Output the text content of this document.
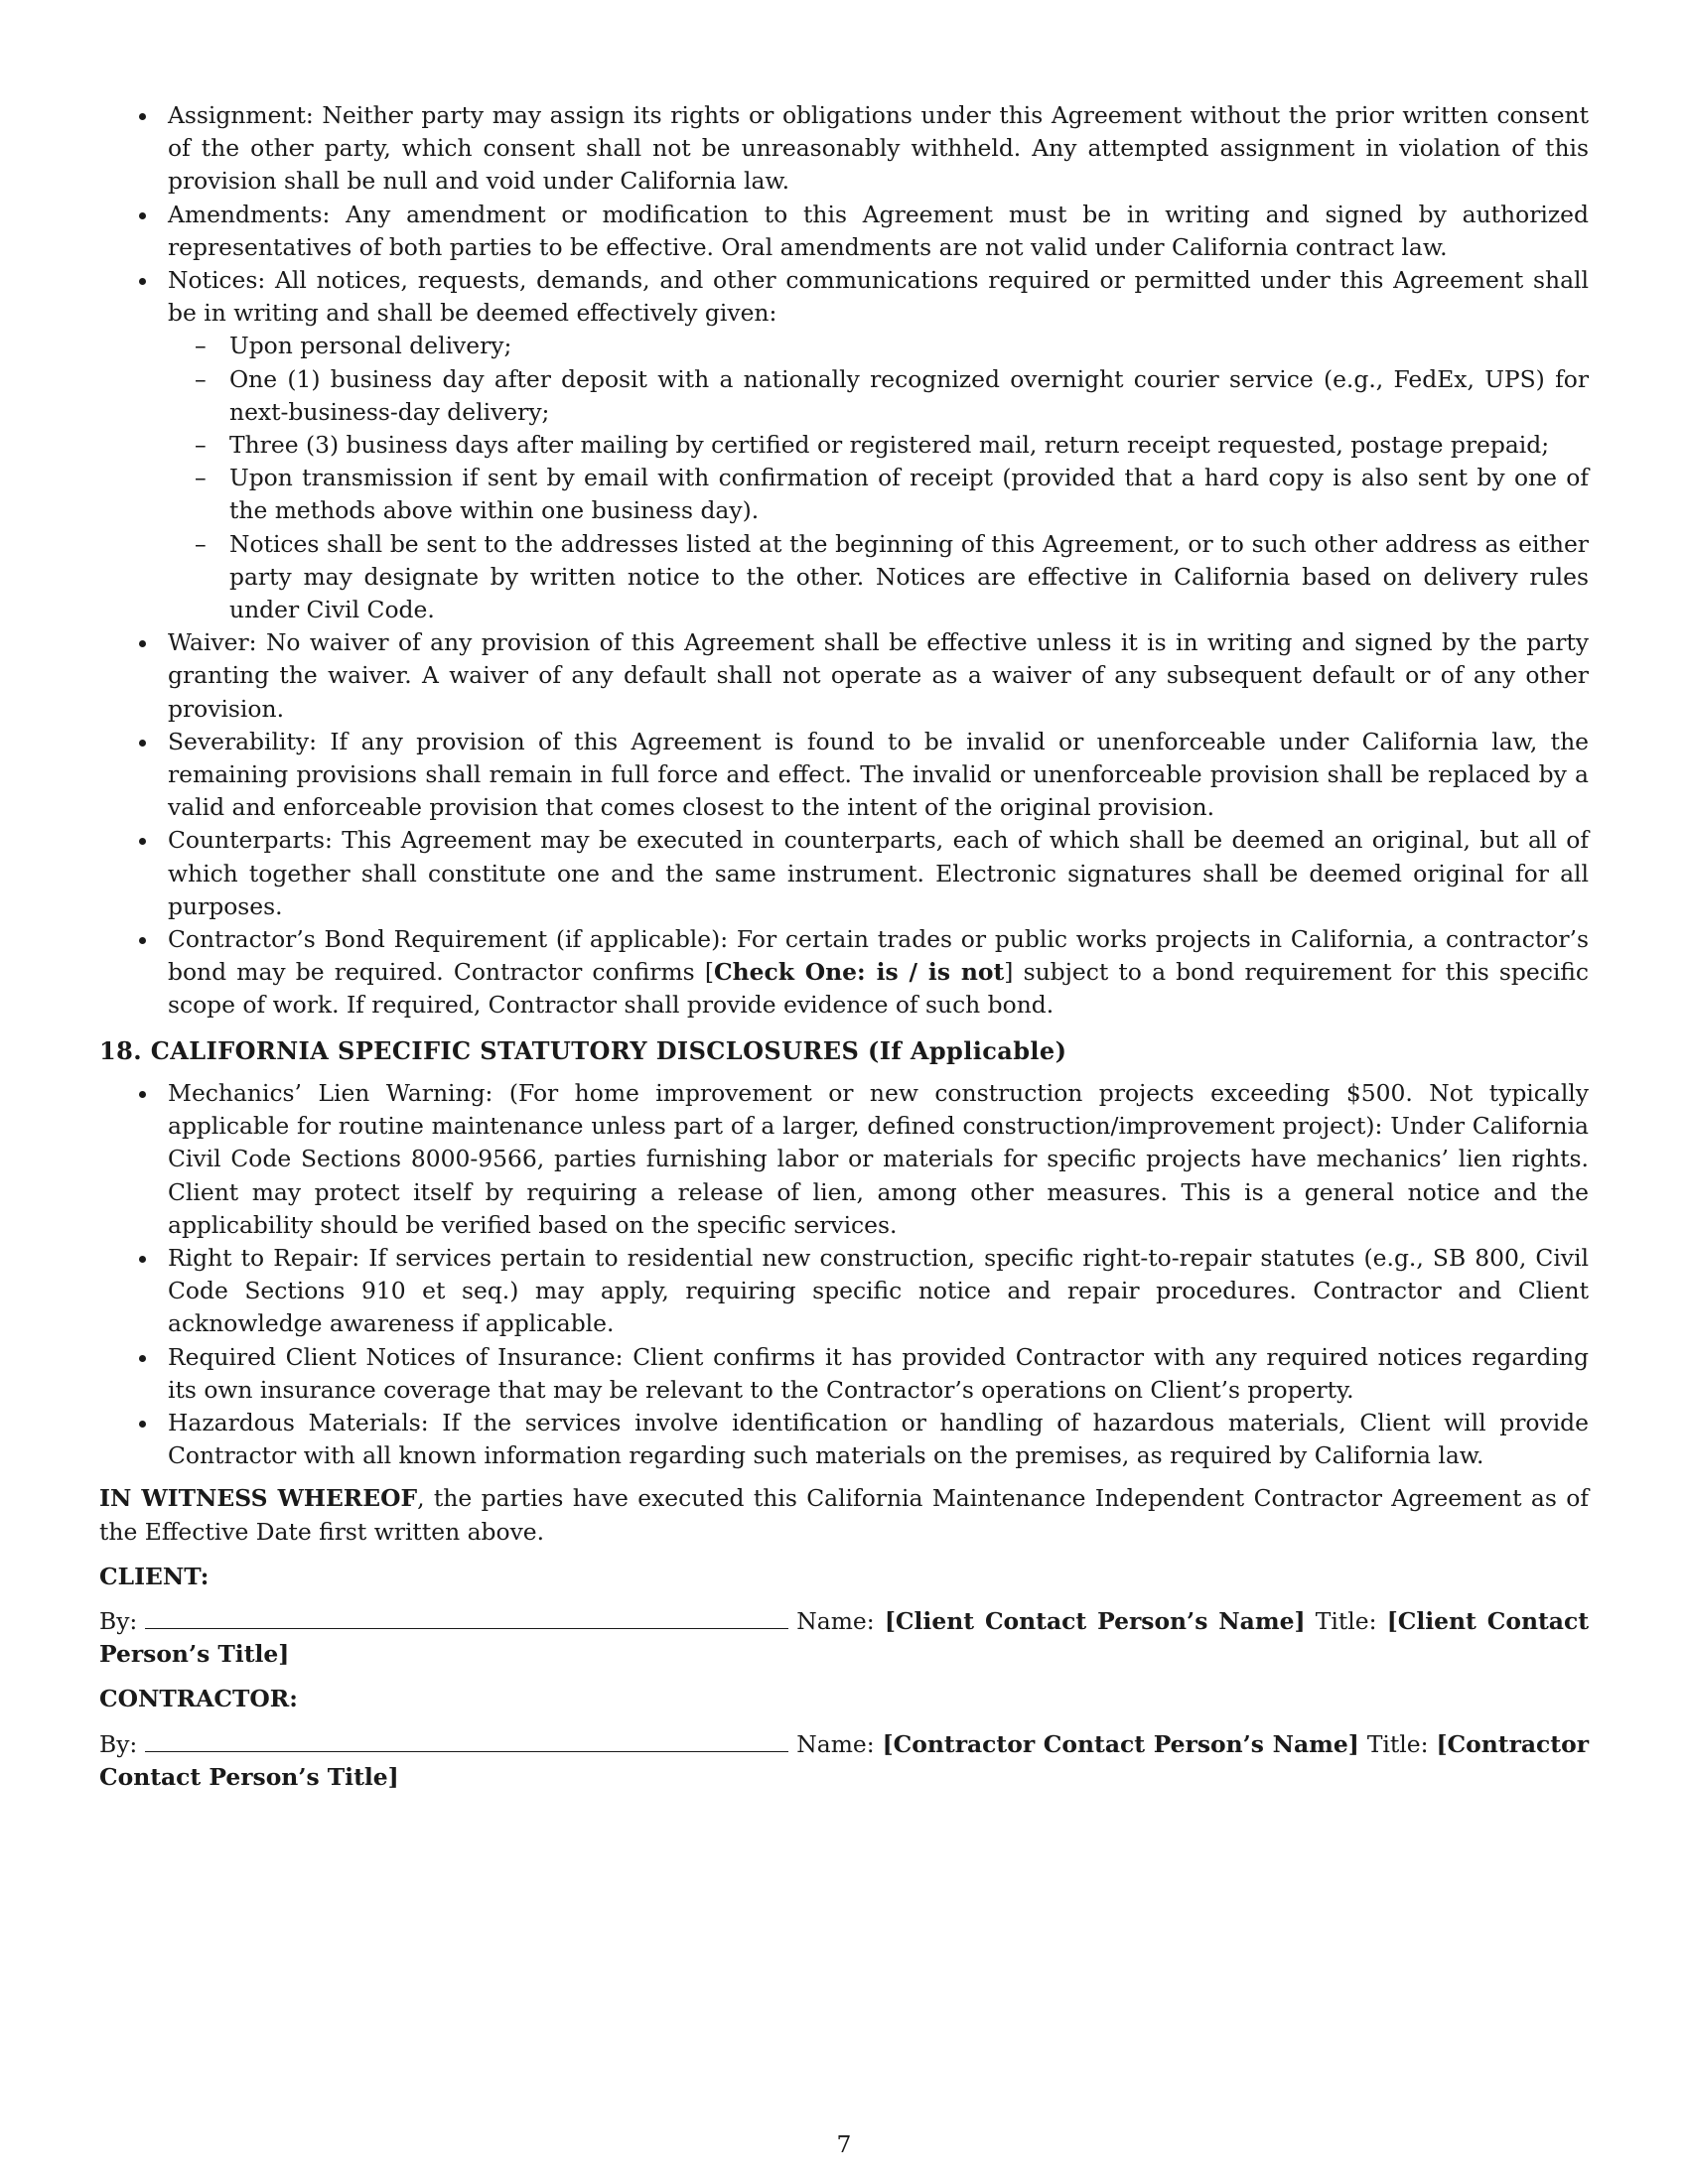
Assignment: Neither party may assign its rights or obligations under this Agreement without the prior written consent of the other party, which consent shall not be unreasonably withheld. Any attempted assignment in violation of this provision shall be null and void under California law.
Amendments: Any amendment or modification to this Agreement must be in writing and signed by authorized representatives of both parties to be effective. Oral amendments are not valid under California contract law.
Notices: All notices, requests, demands, and other communications required or permitted under this Agreement shall be in writing and shall be deemed effectively given:
– Upon personal delivery;
– One (1) business day after deposit with a nationally recognized overnight courier service (e.g., FedEx, UPS) for next-business-day delivery;
– Three (3) business days after mailing by certified or registered mail, return receipt requested, postage prepaid;
– Upon transmission if sent by email with confirmation of receipt (provided that a hard copy is also sent by one of the methods above within one business day).
– Notices shall be sent to the addresses listed at the beginning of this Agreement, or to such other address as either party may designate by written notice to the other. Notices are effective in California based on delivery rules under Civil Code.
Waiver: No waiver of any provision of this Agreement shall be effective unless it is in writing and signed by the party granting the waiver. A waiver of any default shall not operate as a waiver of any subsequent default or of any other provision.
Severability: If any provision of this Agreement is found to be invalid or unenforceable under California law, the remaining provisions shall remain in full force and effect. The invalid or unenforceable provision shall be replaced by a valid and enforceable provision that comes closest to the intent of the original provision.
Counterparts: This Agreement may be executed in counterparts, each of which shall be deemed an original, but all of which together shall constitute one and the same instrument. Electronic signatures shall be deemed original for all purposes.
Contractor’s Bond Requirement (if applicable): For certain trades or public works projects in California, a contractor’s bond may be required. Contractor confirms [Check One: is / is not] subject to a bond requirement for this specific scope of work. If required, Contractor shall provide evidence of such bond.
18. CALIFORNIA SPECIFIC STATUTORY DISCLOSURES (If Applicable)
Mechanics’ Lien Warning: (For home improvement or new construction projects exceeding $500. Not typically applicable for routine maintenance unless part of a larger, defined construction/improvement project): Under California Civil Code Sections 8000-9566, parties furnishing labor or materials for specific projects have mechanics’ lien rights. Client may protect itself by requiring a release of lien, among other measures. This is a general notice and the applicability should be verified based on the specific services.
Right to Repair: If services pertain to residential new construction, specific right-to-repair statutes (e.g., SB 800, Civil Code Sections 910 et seq.) may apply, requiring specific notice and repair procedures. Contractor and Client acknowledge awareness if applicable.
Required Client Notices of Insurance: Client confirms it has provided Contractor with any required notices regarding its own insurance coverage that may be relevant to the Contractor’s operations on Client’s property.
Hazardous Materials: If the services involve identification or handling of hazardous materials, Client will provide Contractor with all known information regarding such materials on the premises, as required by California law.

IN WITNESS WHEREOF, the parties have executed this California Maintenance Independent Contractor Agreement as of the Effective Date first written above.

CLIENT:

By:	Name: [Client Contact Person’s Name] Title: [Client Contact Person’s Title]

CONTRACTOR:

By:	Name: [Contractor Contact Person’s Name] Title: [Contractor Contact Person’s Title]

7
